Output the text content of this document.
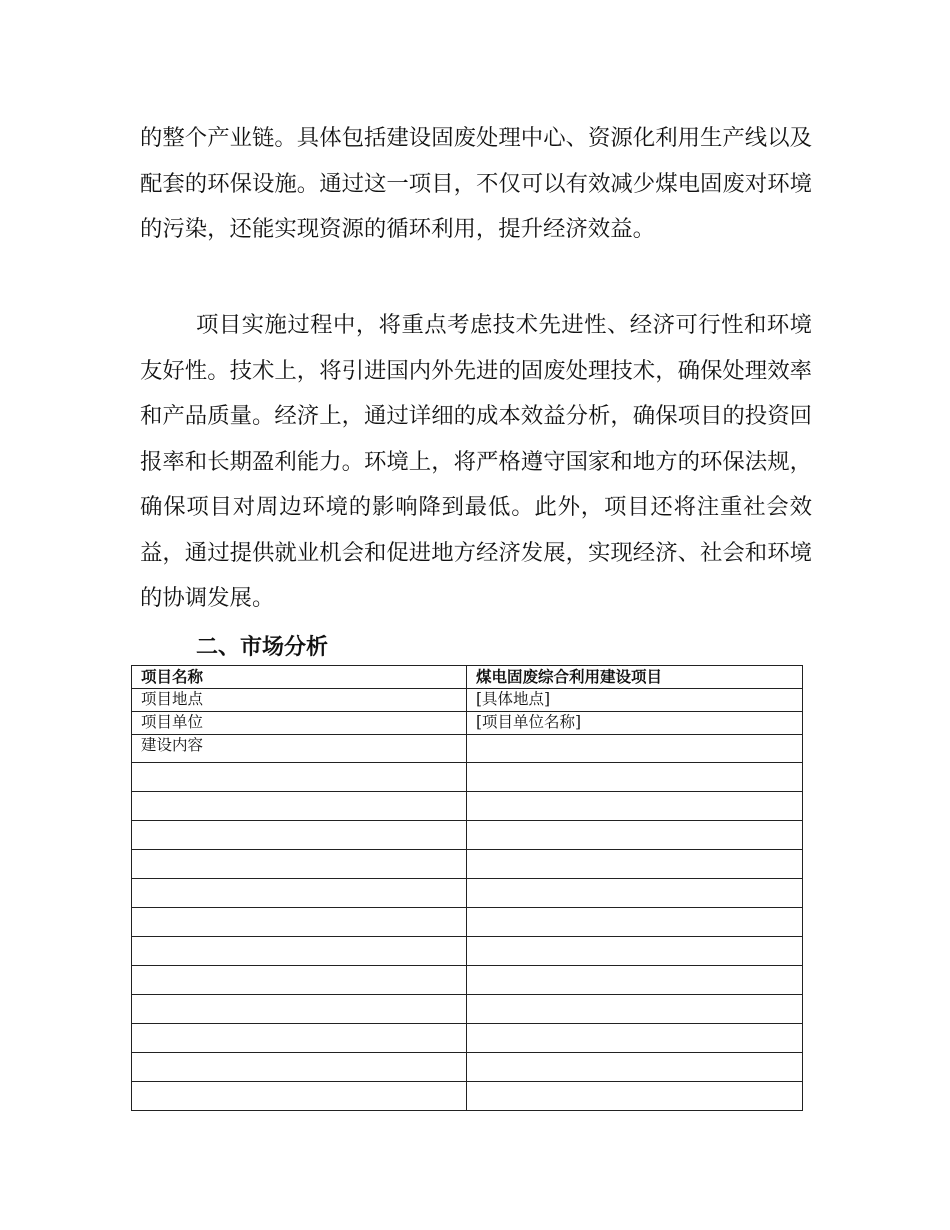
的整个产业链。具体包括建设固废处理中心、资源化利用生产线以及配套的环保设施。通过这一项目，不仅可以有效减少煤电固废对环境的污染，还能实现资源的循环利用，提升经济效益。

项目实施过程中，将重点考虑技术先进性、经济可行性和环境友好性。技术上，将引进国内外先进的固废处理技术，确保处理效率和产品质量。经济上，通过详细的成本效益分析，确保项目的投资回报率和长期盈利能力。环境上，将严格遵守国家和地方的环保法规，确保项目对周边环境的影响降到最低。此外，项目还将注重社会效益，通过提供就业机会和促进地方经济发展，实现经济、社会和环境的协调发展。

二、市场分析
项目名称	煤电固废综合利用建设项目
项目地点	[具体地点]
项目单位	[项目单位名称]
建设内容	
